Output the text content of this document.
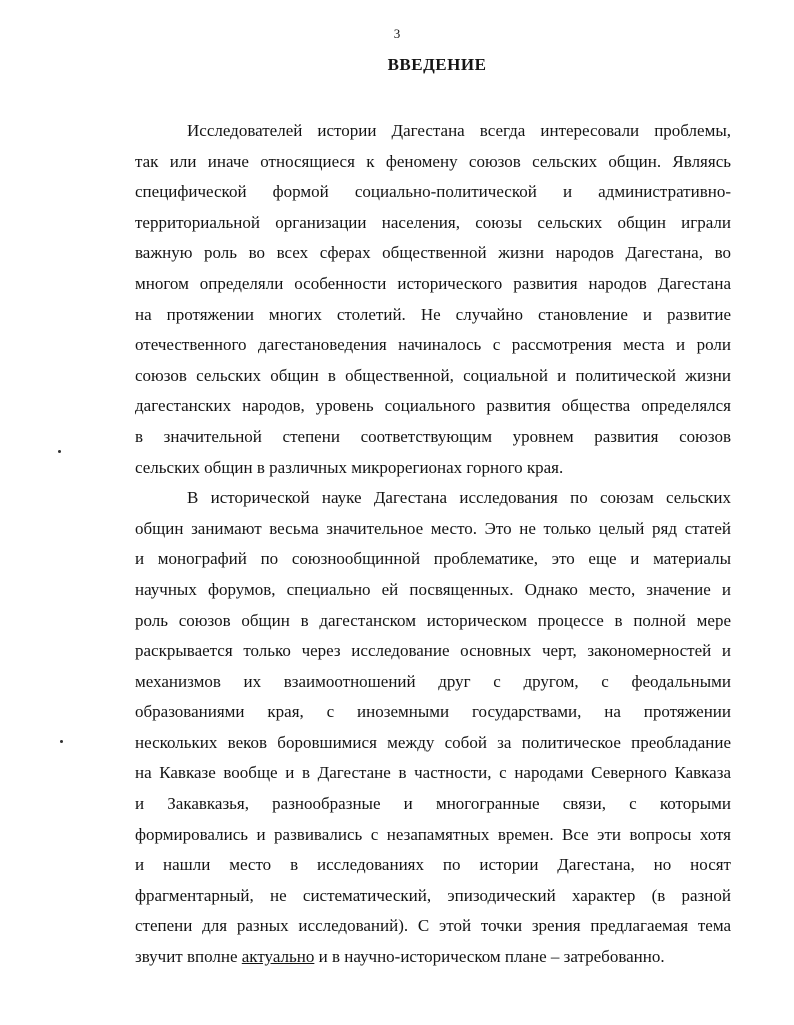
3
ВВЕДЕНИЕ
Исследователей истории Дагестана всегда интересовали проблемы,
так или иначе относящиеся к феномену союзов сельских общин. Являясь
специфической формой социально-политической и административно-
территориальной организации населения, союзы сельских общин играли
важную роль во всех сферах общественной жизни народов Дагестана, во
многом определяли особенности исторического развития народов Дагестана
на протяжении многих столетий. Не случайно становление и развитие
отечественного дагестановедения начиналось с рассмотрения места и роли
союзов сельских общин в общественной, социальной и политической жизни
дагестанских народов, уровень социального развития общества определялся
в значительной степени соответствующим уровнем развития союзов
сельских общин в различных микрорегионах горного края.
В исторической науке Дагестана исследования по союзам сельских
общин занимают весьма значительное место. Это не только целый ряд статей
и монографий по союзнообщинной проблематике, это еще и материалы
научных форумов, специально ей посвященных. Однако место, значение и
роль союзов общин в дагестанском историческом процессе в полной мере
раскрывается только через исследование основных черт, закономерностей и
механизмов их взаимоотношений друг с другом, с феодальными
образованиями края, с иноземными государствами, на протяжении
нескольких веков боровшимися между собой за политическое преобладание
на Кавказе вообще и в Дагестане в частности, с народами Северного Кавказа
и Закавказья, разнообразные и многогранные связи, с которыми
формировались и развивались с незапамятных времен. Все эти вопросы хотя
и нашли место в исследованиях по истории Дагестана, но носят
фрагментарный, не систематический, эпизодический характер (в разной
степени для разных исследований). С этой точки зрения предлагаемая тема
звучит вполне актуально и в научно-историческом плане – затребованно.
